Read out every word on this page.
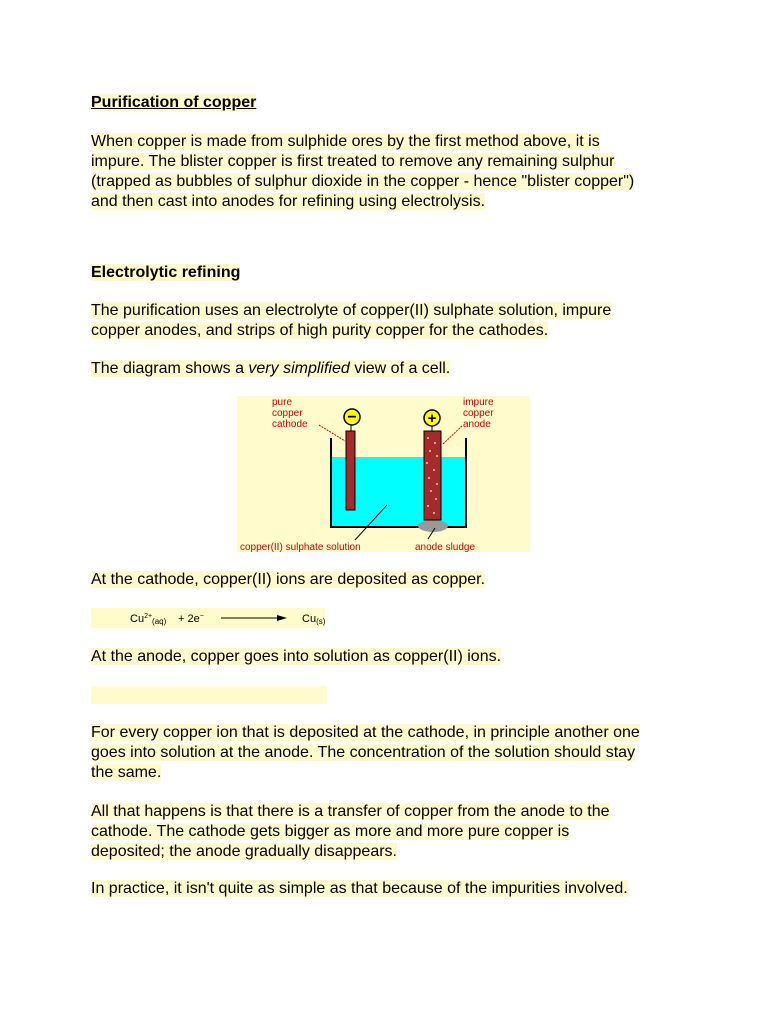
Purification of copper
When copper is made from sulphide ores by the first method above, it is
impure. The blister copper is first treated to remove any remaining sulphur
(trapped as bubbles of sulphur dioxide in the copper - hence "blister copper")
and then cast into anodes for refining using electrolysis.
Electrolytic refining
The purification uses an electrolyte of copper(II) sulphate solution, impure
copper anodes, and strips of high purity copper for the cathodes.
The diagram shows a very simplified view of a cell.
−	+
pure
copper
cathode
impure
copper
anode
copper(II) sulphate solution	anode sludge
At the cathode, copper(II) ions are deposited as copper.
$Cu^{2+}_{(aq)} + 2e^-$	Cu(s)
At the anode, copper goes into solution as copper(II) ions.
For every copper ion that is deposited at the cathode, in principle another one
goes into solution at the anode. The concentration of the solution should stay
the same.
All that happens is that there is a transfer of copper from the anode to the
cathode. The cathode gets bigger as more and more pure copper is
deposited; the anode gradually disappears.
In practice, it isn't quite as simple as that because of the impurities involved.
